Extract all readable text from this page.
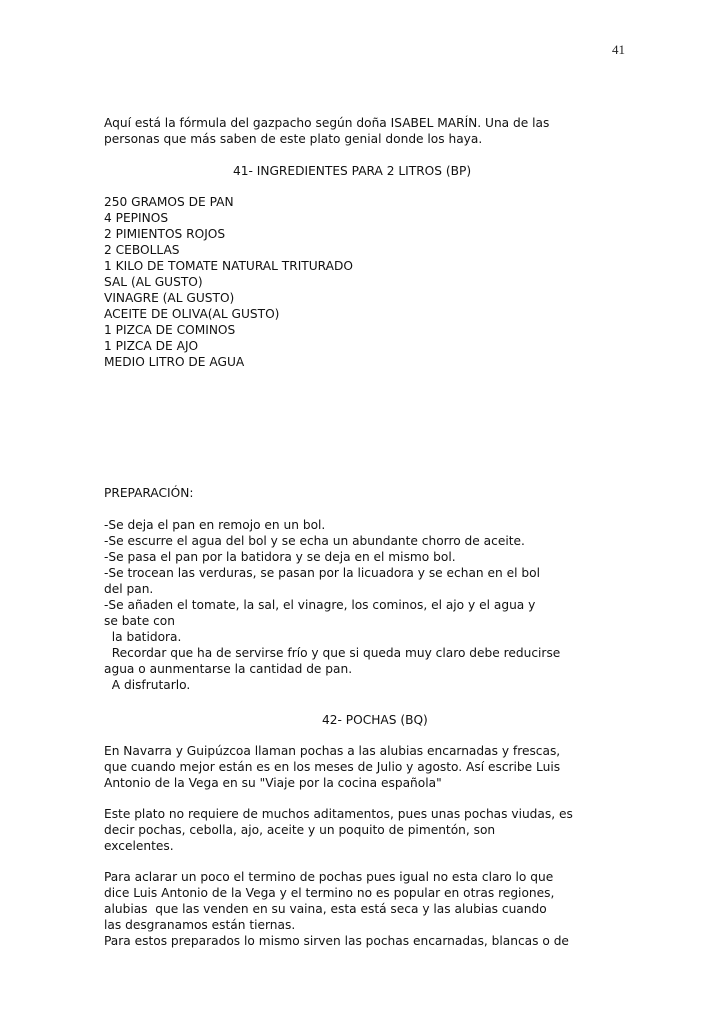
41
Aquí está la fórmula del gazpacho según doña ISABEL MARÍN. Una de las
personas que más saben de este plato genial donde los haya.
41- INGREDIENTES PARA 2 LITROS (BP)
250 GRAMOS DE PAN
4 PEPINOS
2 PIMIENTOS ROJOS
2 CEBOLLAS
1 KILO DE TOMATE NATURAL TRITURADO
SAL (AL GUSTO)
VINAGRE (AL GUSTO)
ACEITE DE OLIVA(AL GUSTO)
1 PIZCA DE COMINOS
1 PIZCA DE AJO
MEDIO LITRO DE AGUA
PREPARACIÓN:
-Se deja el pan en remojo en un bol.
-Se escurre el agua del bol y se echa un abundante chorro de aceite.
-Se pasa el pan por la batidora y se deja en el mismo bol.
-Se trocean las verduras, se pasan por la licuadora y se echan en el bol
del pan.
-Se añaden el tomate, la sal, el vinagre, los cominos, el ajo y el agua y
se bate con
la batidora.
Recordar que ha de servirse frío y que si queda muy claro debe reducirse
agua o aunmentarse la cantidad de pan.
A disfrutarlo.
42- POCHAS (BQ)
En Navarra y Guipúzcoa llaman pochas a las alubias encarnadas y frescas,
que cuando mejor están es en los meses de Julio y agosto. Así escribe Luis
Antonio de la Vega en su "Viaje por la cocina española"
Este plato no requiere de muchos aditamentos, pues unas pochas viudas, es
decir pochas, cebolla, ajo, aceite y un poquito de pimentón, son
excelentes.
Para aclarar un poco el termino de pochas pues igual no esta claro lo que
dice Luis Antonio de la Vega y el termino no es popular en otras regiones,
alubias  que las venden en su vaina, esta está seca y las alubias cuando
las desgranamos están tiernas.
Para estos preparados lo mismo sirven las pochas encarnadas, blancas o de
